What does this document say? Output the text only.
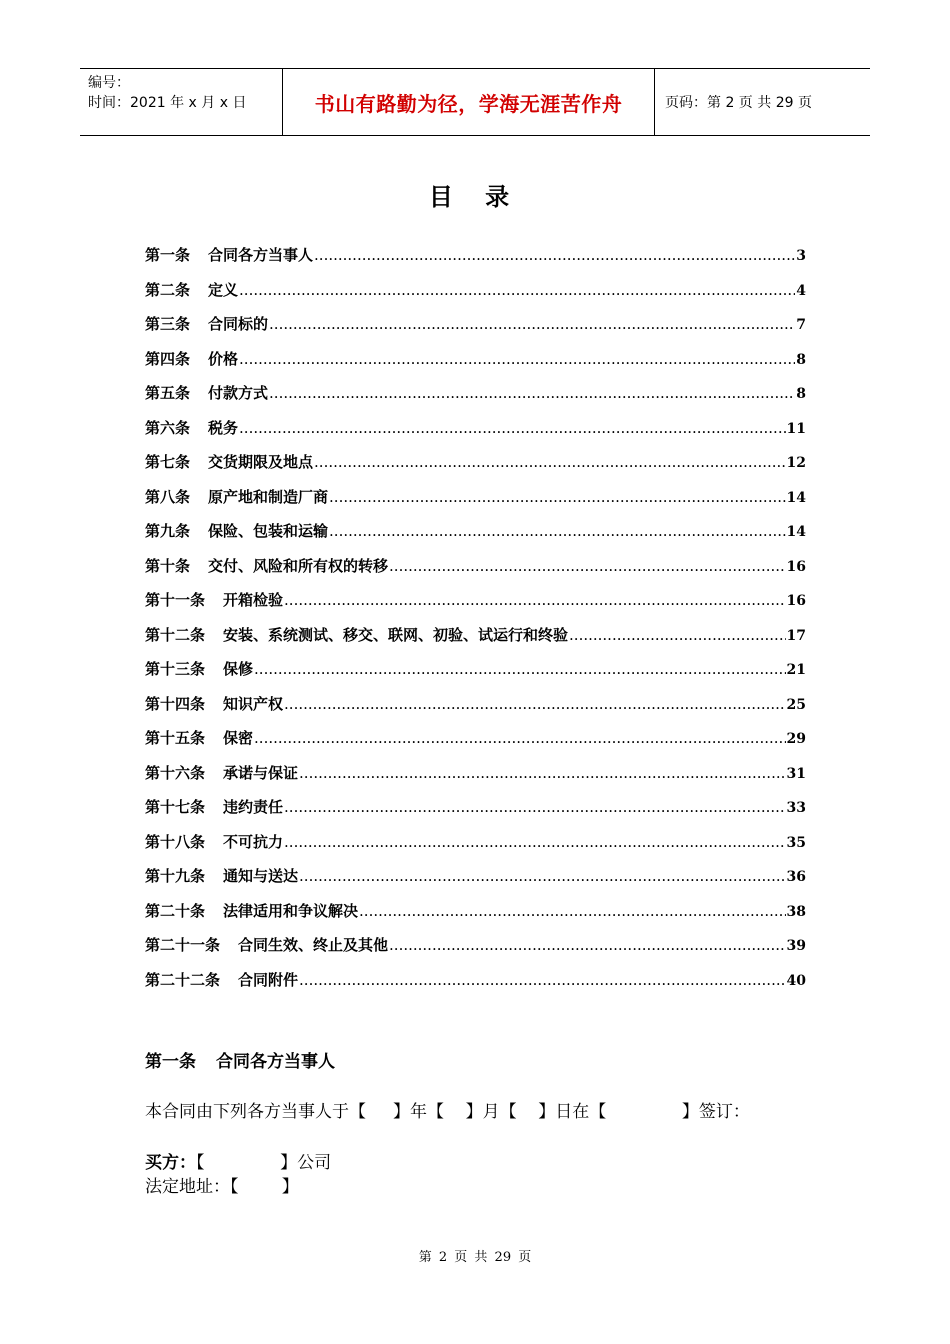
编号：
时间：2021 年 x 月 x 日	书山有路勤为径，学海无涯苦作舟	页码：第 2 页 共 29 页
目 录
第一条 合同各方当事人 .....	3
第二条 定义 .....	4
第三条 合同标的 .....	7
第四条 价格 .....	8
第五条 付款方式 .....	8
第六条 税务 .....	11
第七条 交货期限及地点 .....	12
第八条 原产地和制造厂商 .....	14
第九条 保险、包装和运输 .....	14
第十条 交付、风险和所有权的转移 .....	16
第十一条 开箱检验 .....	16
第十二条 安装、系统测试、移交、联网、初验、试运行和终验 .....	17
第十三条 保修 .....	21
第十四条 知识产权 .....	25
第十五条 保密 .....	29
第十六条 承诺与保证 .....	31
第十七条 违约责任 .....	33
第十八条 不可抗力 .....	35
第十九条 通知与送达 .....	36
第二十条 法律适用和争议解决 .....	38
第二十一条 合同生效、终止及其他 .....	39
第二十二条 合同附件 .....	40
第一条 合同各方当事人
本合同由下列各方当事人于【     】年【    】月【    】日在【              】签订：
买方：【              】公司
法定地址：【        】
第 2 页 共 29 页
